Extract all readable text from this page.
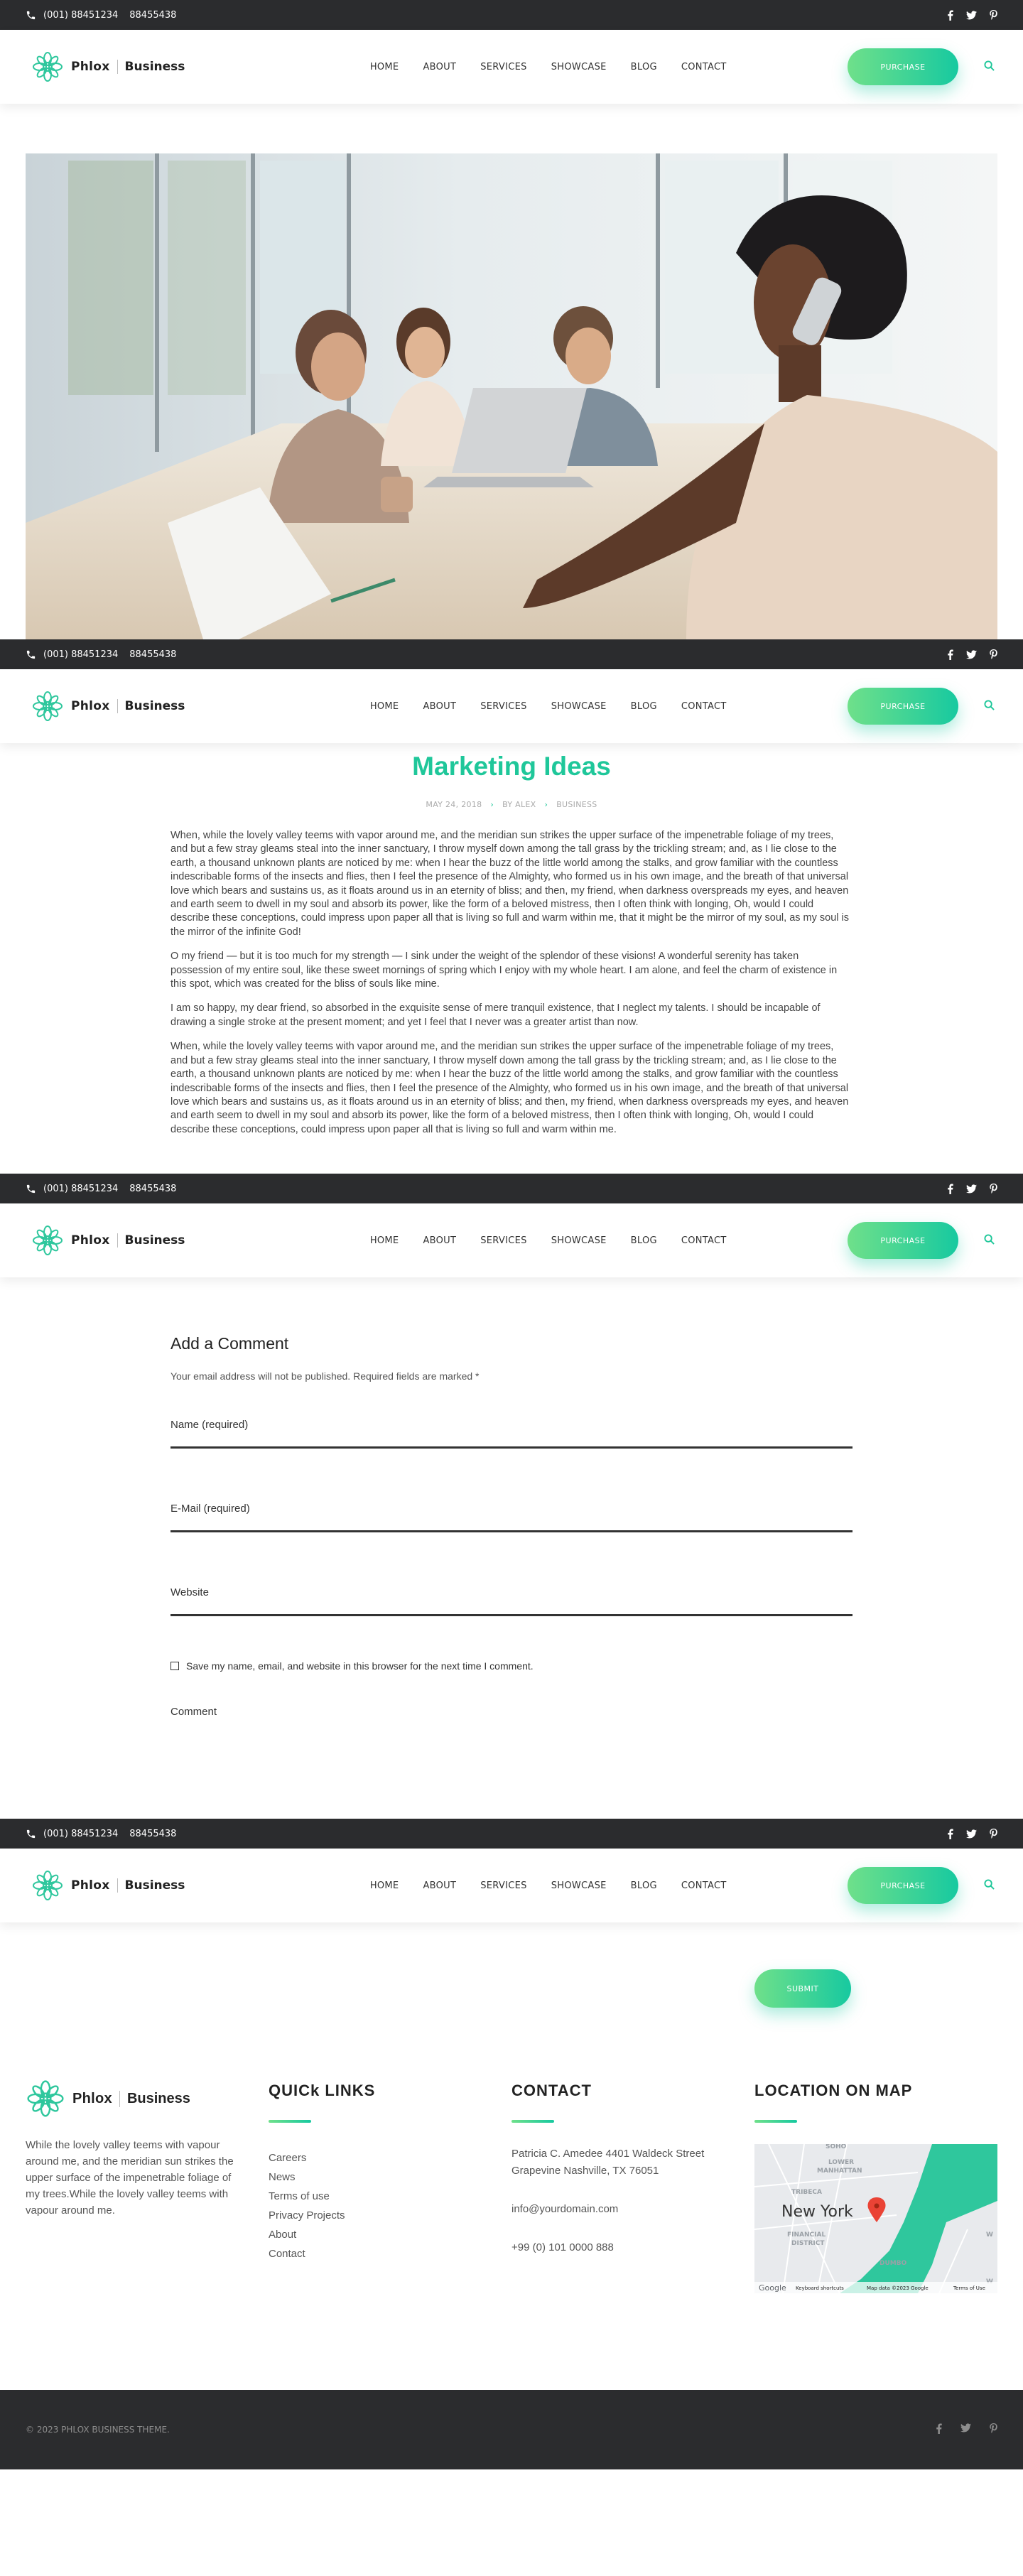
(001) 88451234 88455438
Phlox	Business	HOME	ABOUT	SERVICES	SHOWCASE	BLOG	CONTACT	PURCHASE
(001) 88451234 88455438
Phlox	Business	HOME	ABOUT	SERVICES	SHOWCASE	BLOG	CONTACT	PURCHASE
Marketing Ideas
MAY 24, 2018 › BY ALEX › BUSINESS

When, while the lovely valley teems with vapor around me, and the meridian sun strikes the upper surface of the impenetrable foliage of my trees, and but a few stray gleams steal into the inner sanctuary, I throw myself down among the tall grass by the trickling stream; and, as I lie close to the earth, a thousand unknown plants are noticed by me: when I hear the buzz of the little world among the stalks, and grow familiar with the countless indescribable forms of the insects and flies, then I feel the presence of the Almighty, who formed us in his own image, and the breath of that universal love which bears and sustains us, as it floats around us in an eternity of bliss; and then, my friend, when darkness overspreads my eyes, and heaven and earth seem to dwell in my soul and absorb its power, like the form of a beloved mistress, then I often think with longing, Oh, would I could describe these conceptions, could impress upon paper all that is living so full and warm within me, that it might be the mirror of my soul, as my soul is the mirror of the infinite God!

O my friend — but it is too much for my strength — I sink under the weight of the splendor of these visions! A wonderful serenity has taken possession of my entire soul, like these sweet mornings of spring which I enjoy with my whole heart. I am alone, and feel the charm of existence in this spot, which was created for the bliss of souls like mine.

I am so happy, my dear friend, so absorbed in the exquisite sense of mere tranquil existence, that I neglect my talents. I should be incapable of drawing a single stroke at the present moment; and yet I feel that I never was a greater artist than now.

When, while the lovely valley teems with vapor around me, and the meridian sun strikes the upper surface of the impenetrable foliage of my trees, and but a few stray gleams steal into the inner sanctuary, I throw myself down among the tall grass by the trickling stream; and, as I lie close to the earth, a thousand unknown plants are noticed by me: when I hear the buzz of the little world among the stalks, and grow familiar with the countless indescribable forms of the insects and flies, then I feel the presence of the Almighty, who formed us in his own image, and the breath of that universal love which bears and sustains us, as it floats around us in an eternity of bliss; and then, my friend, when darkness overspreads my eyes, and heaven and earth seem to dwell in my soul and absorb its power, like the form of a beloved mistress, then I often think with longing, Oh, would I could describe these conceptions, could impress upon paper all that is living so full and warm within me.

(001) 88451234 88455438
Phlox	Business	HOME	ABOUT	SERVICES	SHOWCASE	BLOG	CONTACT	PURCHASE
Add a Comment

Your email address will not be published. Required fields are marked *

Name (required)
E-Mail (required)
Website
Save my name, email, and website in this browser for the next time I comment.
Comment
(001) 88451234 88455438
Phlox	Business	HOME	ABOUT	SERVICES	SHOWCASE	BLOG	CONTACT	PURCHASE
SUBMIT
Phlox	Business

While the lovely valley teems with vapour around me, and the meridian sun strikes the upper surface of the impenetrable foliage of my trees.While the lovely valley teems with vapour around me.

QUICk LINKS
Careers
News
Terms of use
Privacy Projects
About
Contact
CONTACT
Patricia C. Amedee 4401 Waldeck Street
Grapevine Nashville, TX 76051
info@yourdomain.com
+99 (0) 101 0000 888
LOCATION ON MAP
SOHO
LOWER
MANHATTAN
TRIBECA
FINANCIAL
DISTRICT
DUMBO
W
New York
Google Keyboard shortcuts	Map data ©2023 Google	Terms of Use
© 2023 PHLOX BUSINESS THEME.
